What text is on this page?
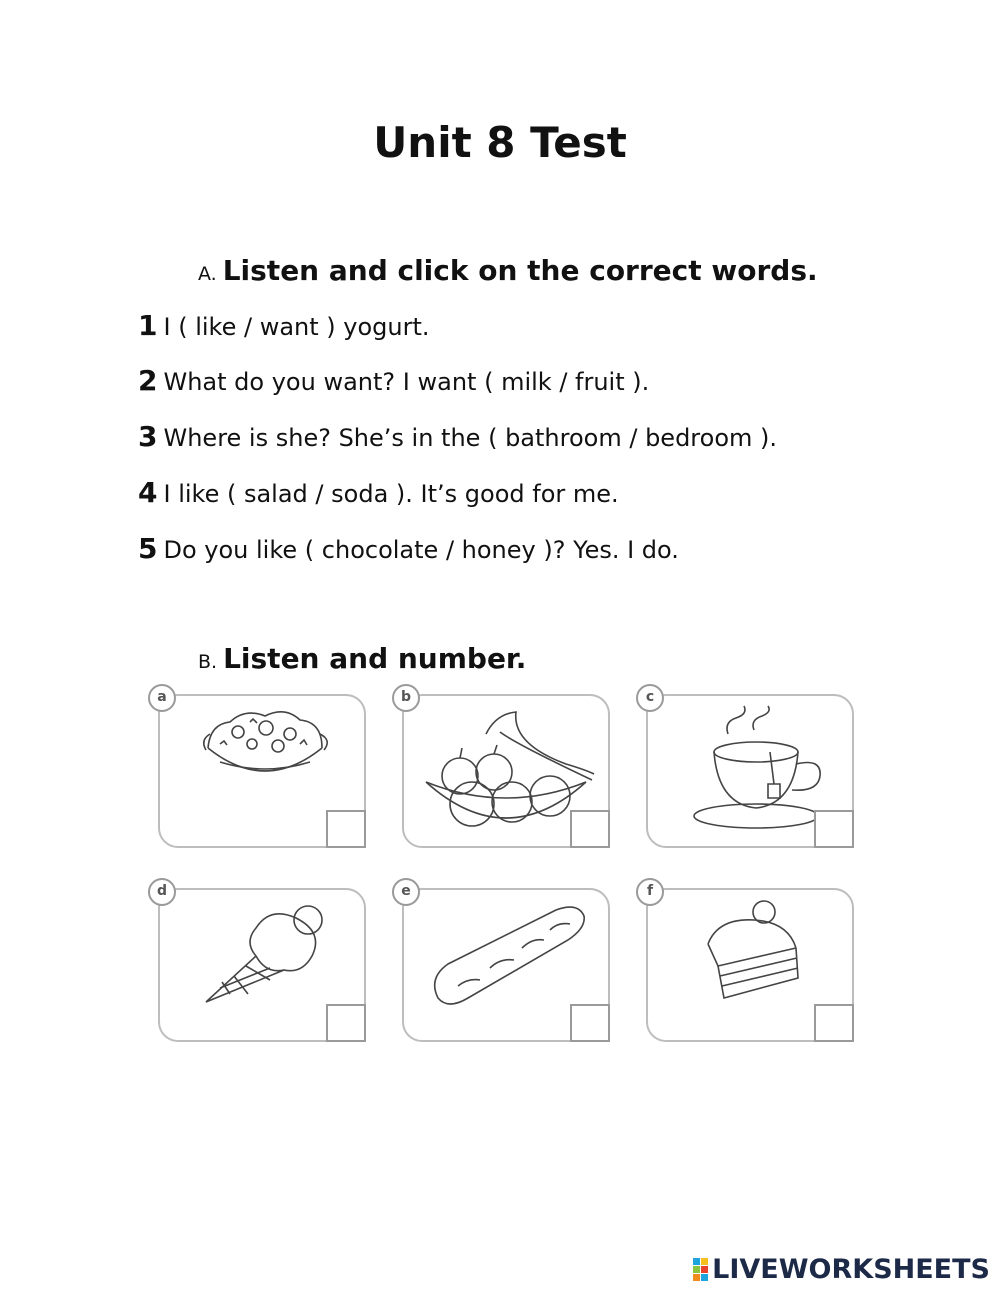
Unit 8 Test
A. Listen and click on the correct words.
1 I ( like / want ) yogurt.
2 What do you want? I want ( milk / fruit ).
3 Where is she? She’s in the ( bathroom / bedroom ).
4 I like ( salad / soda ). It’s good for me.
5 Do you like ( chocolate / honey )? Yes. I do.
B. Listen and number.
a	b	c
d	e	f
LIVEWORKSHEETS
